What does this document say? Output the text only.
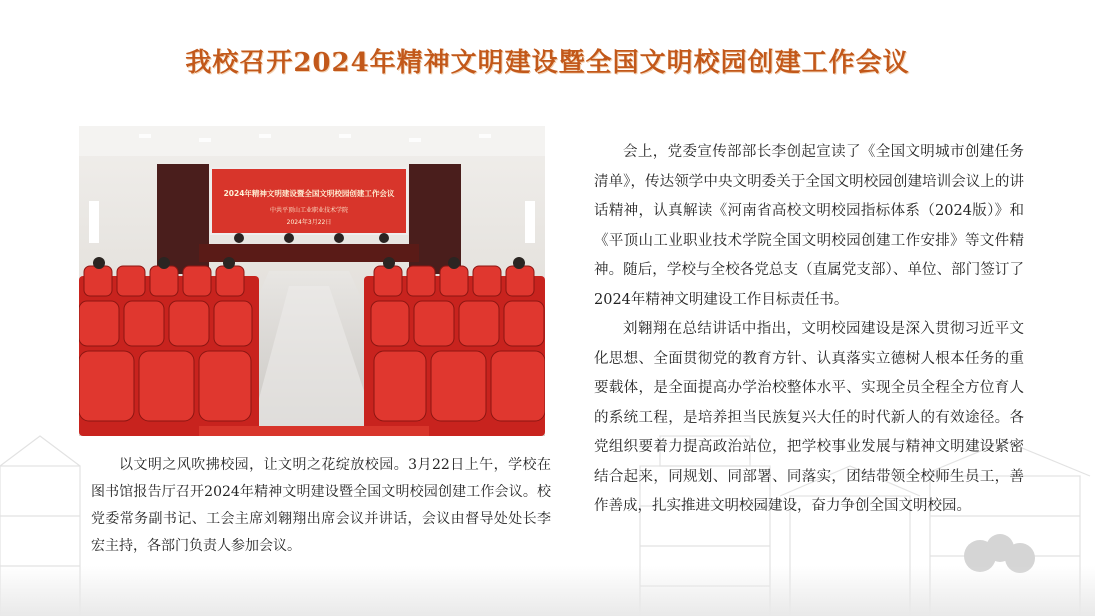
我校召开2024年精神文明建设暨全国文明校园创建工作会议
2024年精神文明建设暨全国文明校园创建工作会议
中共平顶山工业职业技术学院
2024年3月22日

以文明之风吹拂校园，让文明之花绽放校园。3月22日上午，学校在图书馆报告厅召开2024年精神文明建设暨全国文明校园创建工作会议。校党委常务副书记、工会主席刘翱翔出席会议并讲话，会议由督导处处长李宏主持，各部门负责人参加会议。

会上，党委宣传部部长李创起宣读了《全国文明城市创建任务清单》，传达领学中央文明委关于全国文明校园创建培训会议上的讲话精神，认真解读《河南省高校文明校园指标体系（2024版）》和《平顶山工业职业技术学院全国文明校园创建工作安排》等文件精神。随后，学校与全校各党总支（直属党支部）、单位、部门签订了2024年精神文明建设工作目标责任书。

刘翱翔在总结讲话中指出，文明校园建设是深入贯彻习近平文化思想、全面贯彻党的教育方针、认真落实立德树人根本任务的重要载体，是全面提高办学治校整体水平、实现全员全程全方位育人的系统工程，是培养担当民族复兴大任的时代新人的有效途径。各党组织要着力提高政治站位，把学校事业发展与精神文明建设紧密结合起来，同规划、同部署、同落实，团结带领全校师生员工，善作善成，扎实推进文明校园建设，奋力争创全国文明校园。
